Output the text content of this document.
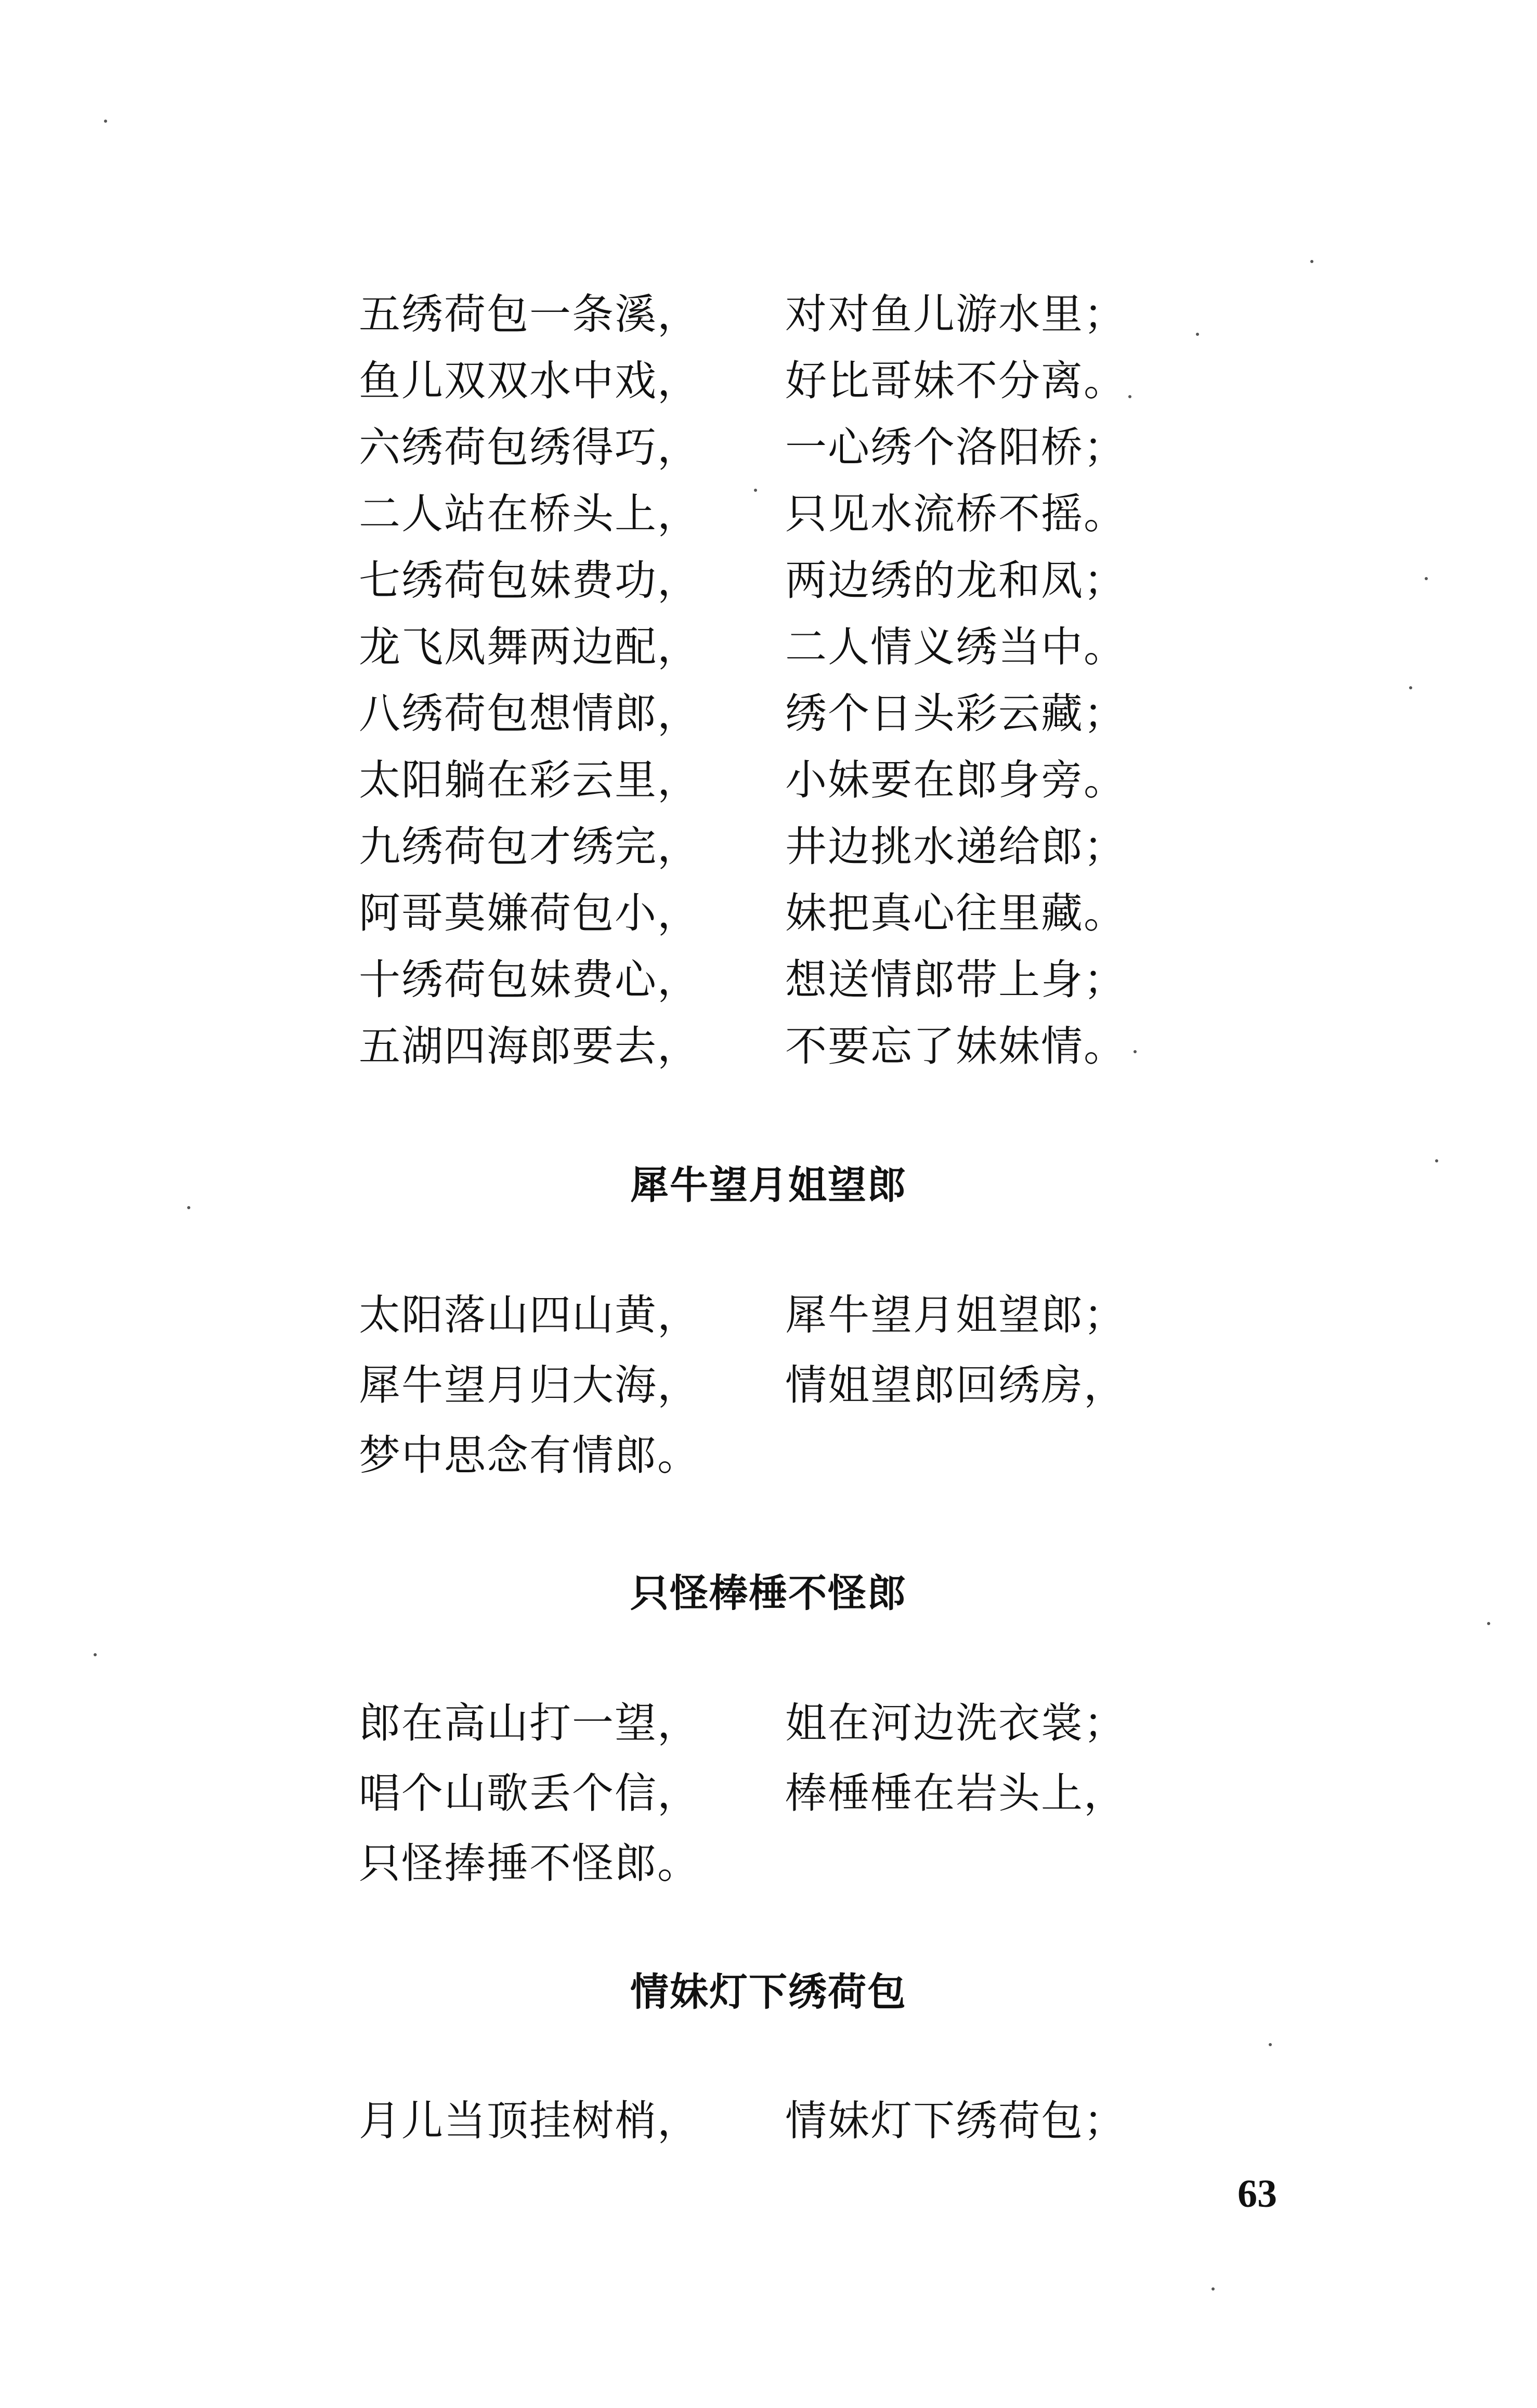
五绣荷包一条溪， 对对鱼儿游水里；
鱼儿双双水中戏， 好比哥妹不分离。
六绣荷包绣得巧， 一心绣个洛阳桥；
二人站在桥头上， 只见水流桥不摇。
七绣荷包妹费功， 两边绣的龙和凤；
龙飞凤舞两边配， 二人情义绣当中。
八绣荷包想情郎， 绣个日头彩云藏；
太阳躺在彩云里， 小妹要在郎身旁。
九绣荷包才绣完， 井边挑水递给郎；
阿哥莫嫌荷包小， 妹把真心往里藏。
十绣荷包妹费心， 想送情郎带上身；
五湖四海郎要去， 不要忘了妹妹情。
犀牛望月姐望郎
太阳落山四山黄， 犀牛望月姐望郎；
犀牛望月归大海， 情姐望郎回绣房，
梦中思念有情郎。
只怪棒棰不怪郎
郎在高山打一望， 姐在河边洗衣裳；
唱个山歌丢个信， 棒棰棰在岩头上，
只怪捧捶不怪郎。
情妹灯下绣荷包
月儿当顶挂树梢， 情妹灯下绣荷包；
63
